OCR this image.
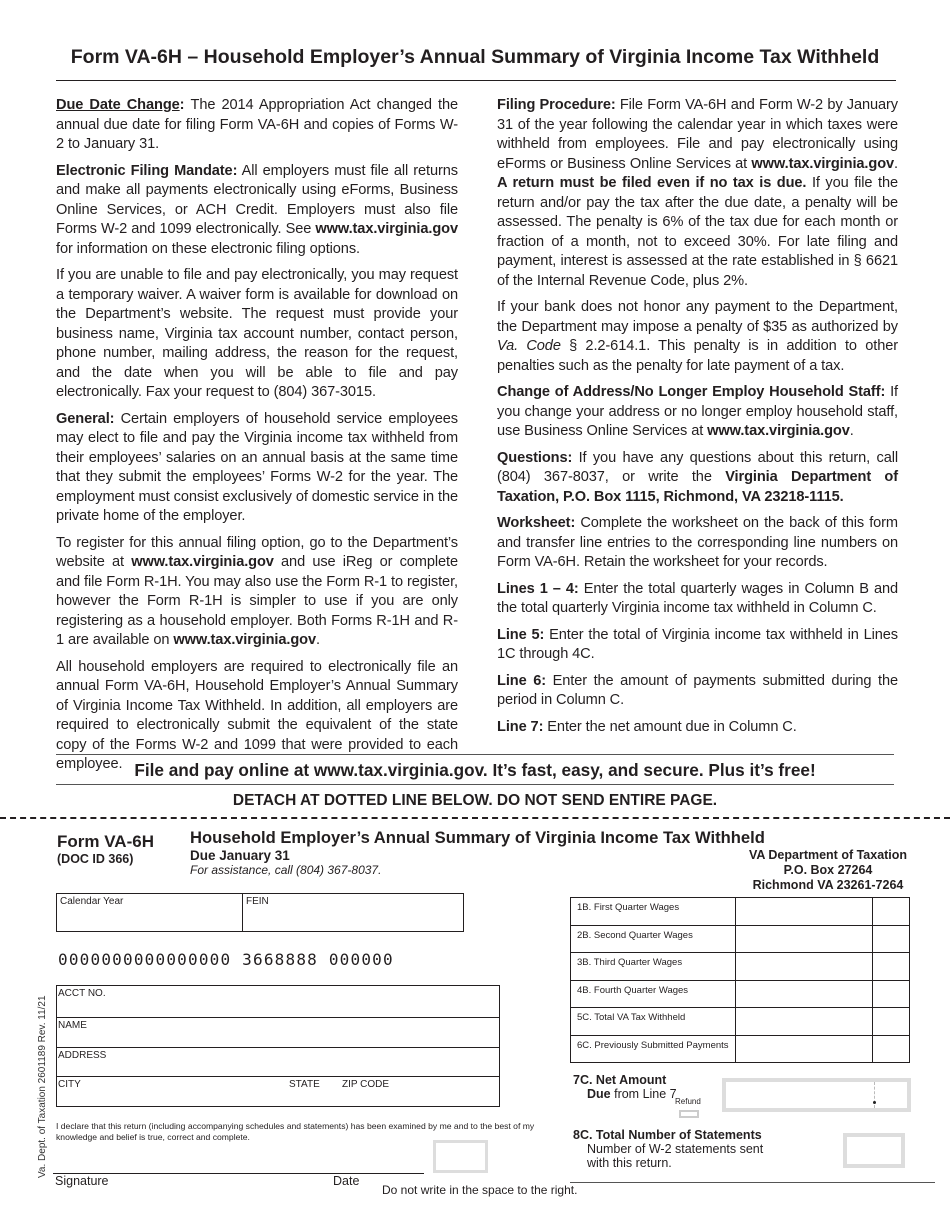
Form VA-6H – Household Employer’s Annual Summary of Virginia Income Tax Withheld

Due Date Change: The 2014 Appropriation Act changed the annual due date for filing Form VA-6H and copies of Forms W-2 to January 31.

Electronic Filing Mandate: All employers must file all returns and make all payments electronically using eForms, Business Online Services, or ACH Credit. Employers must also file Forms W-2 and 1099 electronically. See www.tax.virginia.gov for information on these electronic filing options.

If you are unable to file and pay electronically, you may request a temporary waiver. A waiver form is available for download on the Department’s website. The request must provide your business name, Virginia tax account number, contact person, phone number, mailing address, the reason for the request, and the date when you will be able to file and pay electronically. Fax your request to (804) 367-3015.

General: Certain employers of household service employees may elect to file and pay the Virginia income tax withheld from their employees’ salaries on an annual basis at the same time that they submit the employees’ Forms W-2 for the year. The employment must consist exclusively of domestic service in the private home of the employer.

To register for this annual filing option, go to the Department’s website at www.tax.virginia.gov and use iReg or complete and file Form R-1H. You may also use the Form R-1 to register, however the Form R-1H is simpler to use if you are only registering as a household employer. Both Forms R-1H and R-1 are available on www.tax.virginia.gov.

All household employers are required to electronically file an annual Form VA-6H, Household Employer’s Annual Summary of Virginia Income Tax Withheld. In addition, all employers are required to electronically submit the equivalent of the state copy of the Forms W-2 and 1099 that were provided to each employee.

Filing Procedure: File Form VA-6H and Form W-2 by January 31 of the year following the calendar year in which taxes were withheld from employees. File and pay electronically using eForms or Business Online Services at www.tax.virginia.gov. A return must be filed even if no tax is due. If you file the return and/or pay the tax after the due date, a penalty will be assessed. The penalty is 6% of the tax due for each month or fraction of a month, not to exceed 30%. For late filing and payment, interest is assessed at the rate established in § 6621 of the Internal Revenue Code, plus 2%.

If your bank does not honor any payment to the Department, the Department may impose a penalty of $35 as authorized by Va. Code § 2.2-614.1. This penalty is in addition to other penalties such as the penalty for late payment of a tax.

Change of Address/No Longer Employ Household Staff: If you change your address or no longer employ household staff, use Business Online Services at www.tax.virginia.gov.

Questions: If you have any questions about this return, call (804) 367-8037, or write the Virginia Department of Taxation, P.O. Box 1115, Richmond, VA 23218-1115.

Worksheet: Complete the worksheet on the back of this form and transfer line entries to the corresponding line numbers on Form VA-6H. Retain the worksheet for your records.

Lines 1 – 4: Enter the total quarterly wages in Column B and the total quarterly Virginia income tax withheld in Column C.

Line 5: Enter the total of Virginia income tax withheld in Lines 1C through 4C.

Line 6: Enter the amount of payments submitted during the period in Column C.

Line 7: Enter the net amount due in Column C.

File and pay online at www.tax.virginia.gov. It’s fast, easy, and secure. Plus it’s free!
DETACH AT DOTTED LINE BELOW. DO NOT SEND ENTIRE PAGE.
Form VA-6H
(DOC ID 366)
Household Employer’s Annual Summary of Virginia Income Tax Withheld
Due January 31
For assistance, call (804) 367-8037.
VA Department of Taxation
P.O. Box 27264
Richmond VA 23261-7264
Calendar Year	FEIN
0000000000000000 3668888 000000
ACCT NO.
NAME
ADDRESS
CITY	STATE ZIP CODE
Va. Dept. of Taxation 2601189 Rev. 11/21 I declare that this return (including accompanying schedules and statements) has been examined by me and to the best of my knowledge and belief is true, correct and complete.
Signature	Date
Do not write in the space to the right.
1B. First Quarter Wages		
2B. Second Quarter Wages		
3B. Third Quarter Wages		
4B. Fourth Quarter Wages		
5C. Total VA Tax Withheld		
6C. Previously Submitted Payments		
7C. Net Amount
Due from Line 7
Refund
8C. Total Number of Statements
Number of W-2 statements sent
with this return.
